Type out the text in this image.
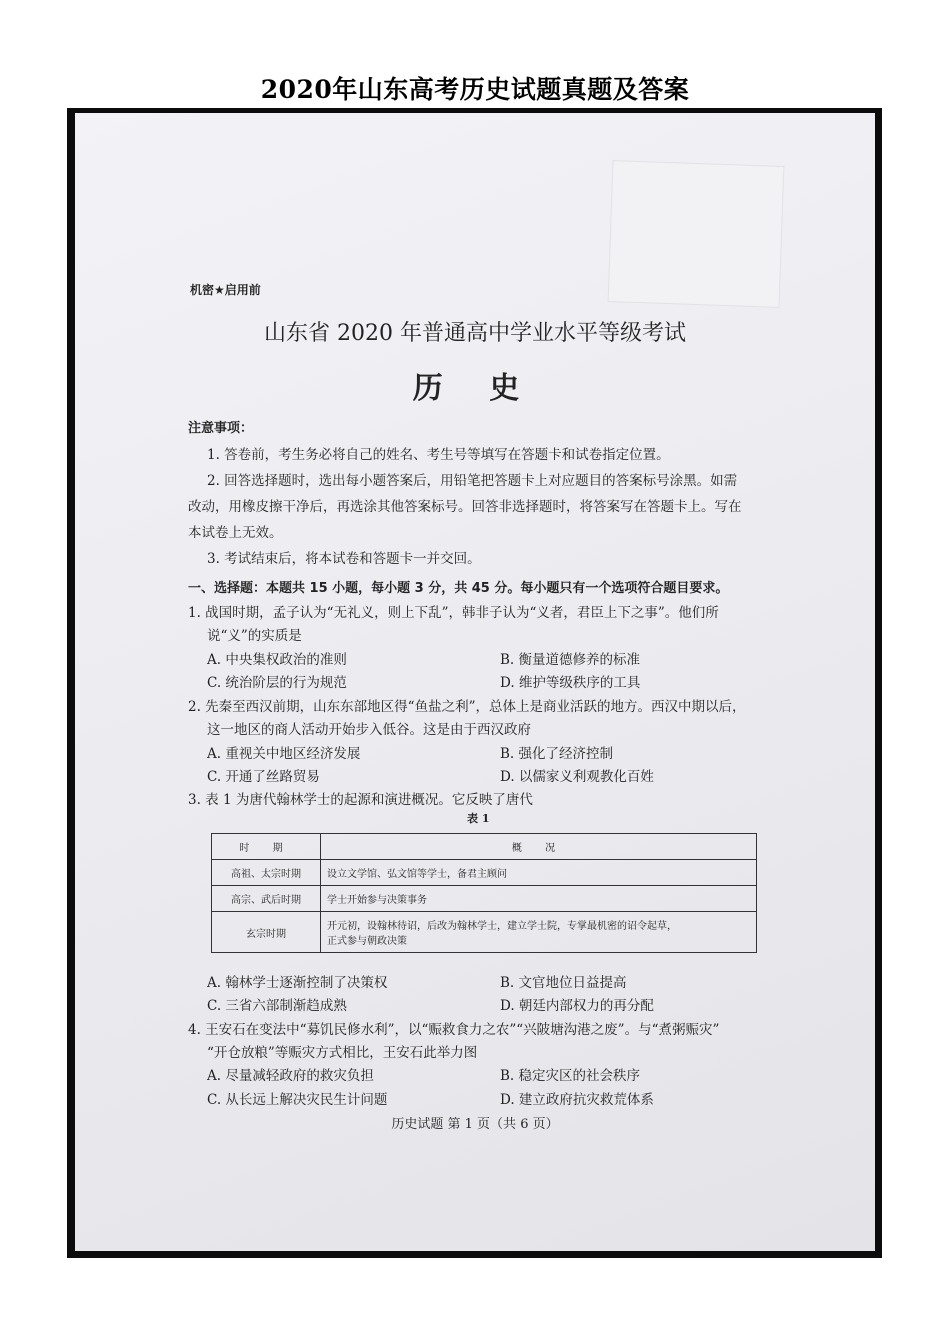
2020年山东高考历史试题真题及答案
机密★启用前
山东省 2020 年普通高中学业水平等级考试
历 史
注意事项：
1. 答卷前，考生务必将自己的姓名、考生号等填写在答题卡和试卷指定位置。
2. 回答选择题时，选出每小题答案后，用铅笔把答题卡上对应题目的答案标号涂黑。如需
改动，用橡皮擦干净后，再选涂其他答案标号。回答非选择题时，将答案写在答题卡上。写在
本试卷上无效。
3. 考试结束后，将本试卷和答题卡一并交回。
一、选择题：本题共 15 小题，每小题 3 分，共 45 分。每小题只有一个选项符合题目要求。
1. 战国时期，孟子认为“无礼义，则上下乱”，韩非子认为“义者，君臣上下之事”。他们所
说“义”的实质是
A. 中央集权政治的准则	B. 衡量道德修养的标准
C. 统治阶层的行为规范	D. 维护等级秩序的工具
2. 先秦至西汉前期，山东东部地区得“鱼盐之利”，总体上是商业活跃的地方。西汉中期以后，
这一地区的商人活动开始步入低谷。这是由于西汉政府
A. 重视关中地区经济发展	B. 强化了经济控制
C. 开通了丝路贸易	D. 以儒家义利观教化百姓
3. 表 1 为唐代翰林学士的起源和演进概况。它反映了唐代
表 1
时 期	概 况
高祖、太宗时期	设立文学馆、弘文馆等学士，备君主顾问
高宗、武后时期	学士开始参与决策事务
玄宗时期	开元初，设翰林待诏，后改为翰林学士，建立学士院，专掌最机密的诏令起草，
正式参与朝政决策
A. 翰林学士逐渐控制了决策权	B. 文官地位日益提高
C. 三省六部制渐趋成熟	D. 朝廷内部权力的再分配
4. 王安石在变法中“募饥民修水利”，以“赈救食力之农”“兴陂塘沟港之废”。与“煮粥赈灾”
“开仓放粮”等赈灾方式相比，王安石此举力图
A. 尽量减轻政府的救灾负担	B. 稳定灾区的社会秩序
C. 从长远上解决灾民生计问题	D. 建立政府抗灾救荒体系
历史试题 第 1 页（共 6 页）
